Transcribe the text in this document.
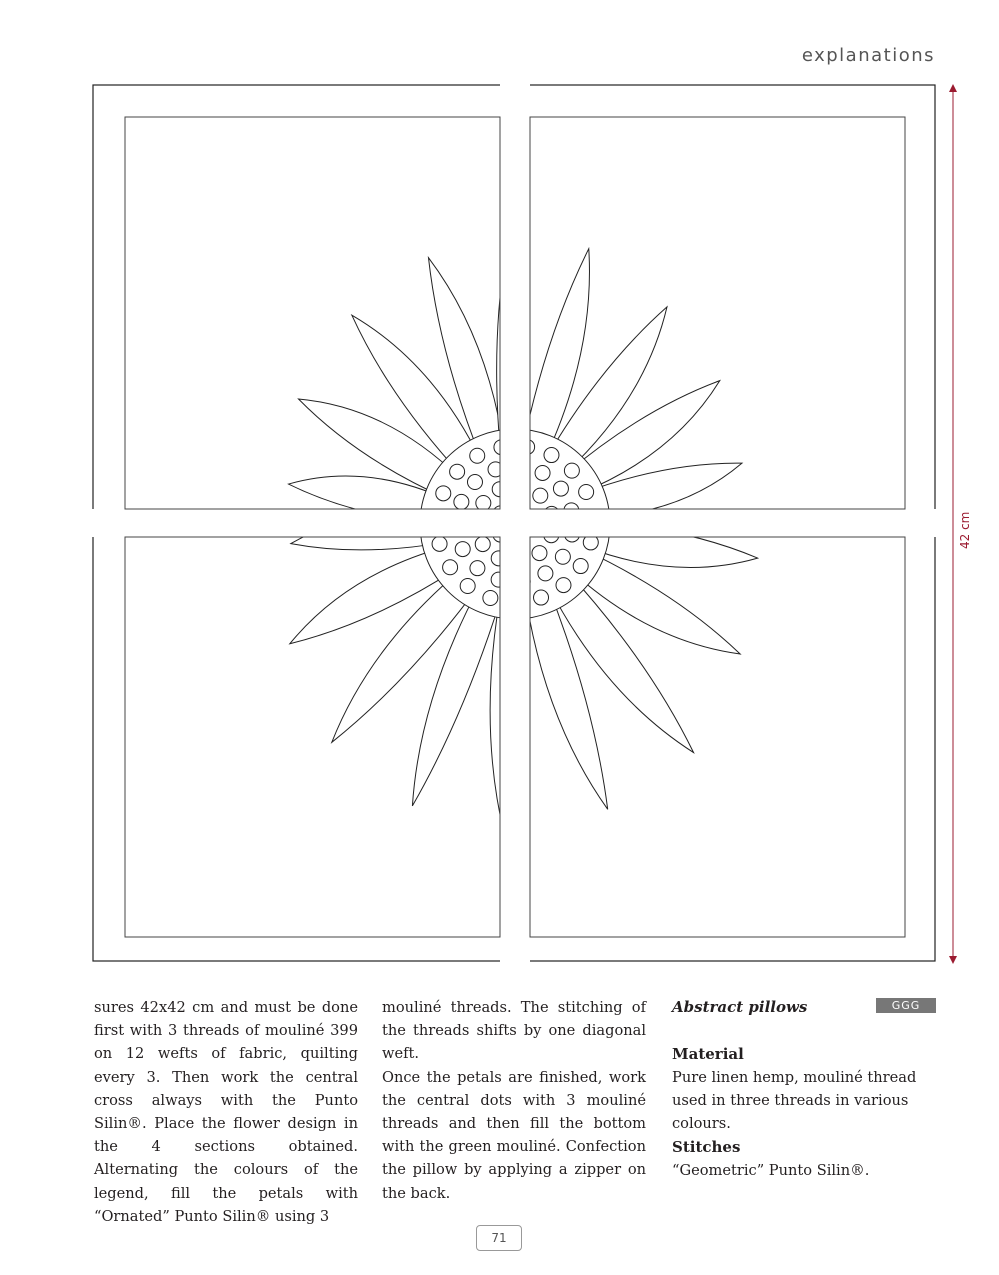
explanations
42 cm

sures 42x42 cm and must be done first with 3 threads of mouliné 399 on 12 wefts of fabric, quilting every 3. Then work the central cross always with the Punto Silin®. Place the flower design in the 4 sections obtained. Alternating the colours of the legend, fill the petals with “Ornated” Punto Silin® using 3

mouliné threads. The stitching of the threads shifts by one diagonal weft.

Once the petals are finished, work the central dots with 3 mouliné threads and then fill the bottom with the green mouliné. Confection the pillow by applying a zipper on the back.

Abstract pillows	GGG

Material

Pure linen hemp, mouliné thread used in three threads in various colours.

Stitches

“Geometric” Punto Silin®.

71
